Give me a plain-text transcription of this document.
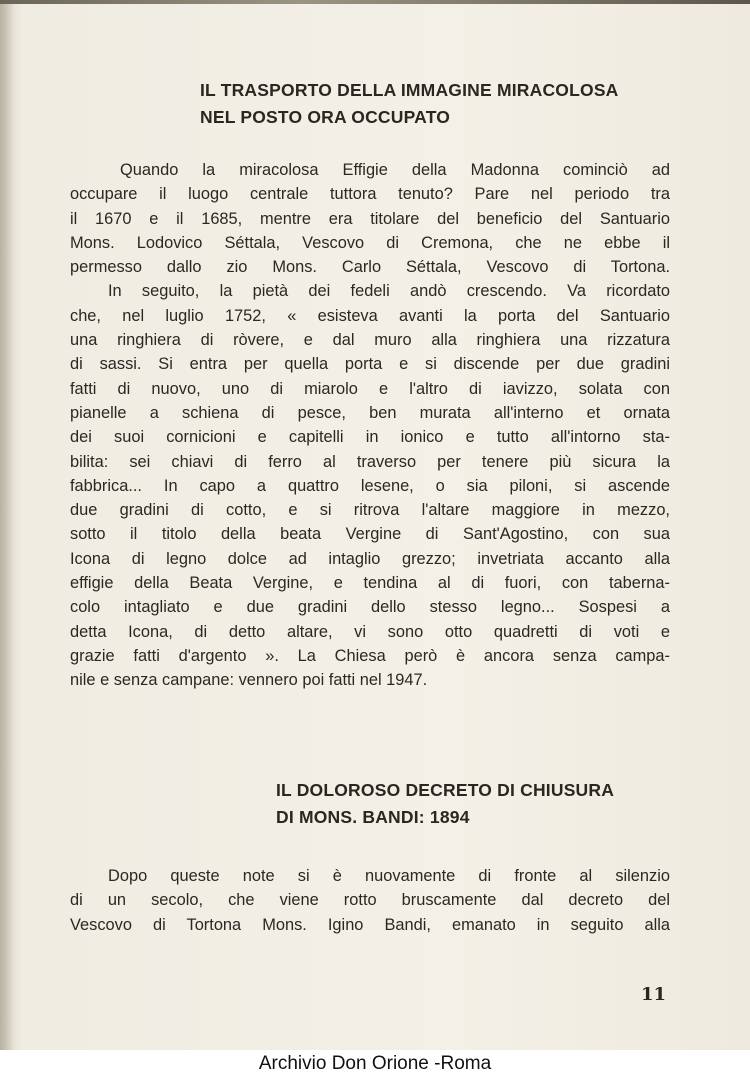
IL TRASPORTO DELLA IMMAGINE MIRACOLOSA
NEL POSTO ORA OCCUPATO
Quando la miracolosa Effigie della Madonna cominciò ad
occupare il luogo centrale tuttora tenuto? Pare nel periodo tra
il 1670 e il 1685, mentre era titolare del beneficio del Santuario
Mons. Lodovico Séttala, Vescovo di Cremona, che ne ebbe il
permesso dallo zio Mons. Carlo Séttala, Vescovo di Tortona.
In seguito, la pietà dei fedeli andò crescendo. Va ricordato
che, nel luglio 1752, « esisteva avanti la porta del Santuario
una ringhiera di ròvere, e dal muro alla ringhiera una rizzatura
di sassi. Si entra per quella porta e si discende per due gradini
fatti di nuovo, uno di miarolo e l'altro di iavizzo, solata con
pianelle a schiena di pesce, ben murata all'interno et ornata
dei suoi cornicioni e capitelli in ionico e tutto all'intorno sta-
bilita: sei chiavi di ferro al traverso per tenere più sicura la
fabbrica... In capo a quattro lesene, o sia piloni, si ascende
due gradini di cotto, e si ritrova l'altare maggiore in mezzo,
sotto il titolo della beata Vergine di Sant'Agostino, con sua
Icona di legno dolce ad intaglio grezzo; invetriata accanto alla
effigie della Beata Vergine, e tendina al di fuori, con taberna-
colo intagliato e due gradini dello stesso legno... Sospesi a
detta Icona, di detto altare, vi sono otto quadretti di voti e
grazie fatti d'argento ». La Chiesa però è ancora senza campa-
nile e senza campane: vennero poi fatti nel 1947.
IL DOLOROSO DECRETO DI CHIUSURA
DI MONS. BANDI: 1894
Dopo queste note si è nuovamente di fronte al silenzio
di un secolo, che viene rotto bruscamente dal decreto del
Vescovo di Tortona Mons. Igino Bandi, emanato in seguito alla
11
Archivio Don Orione -Roma
